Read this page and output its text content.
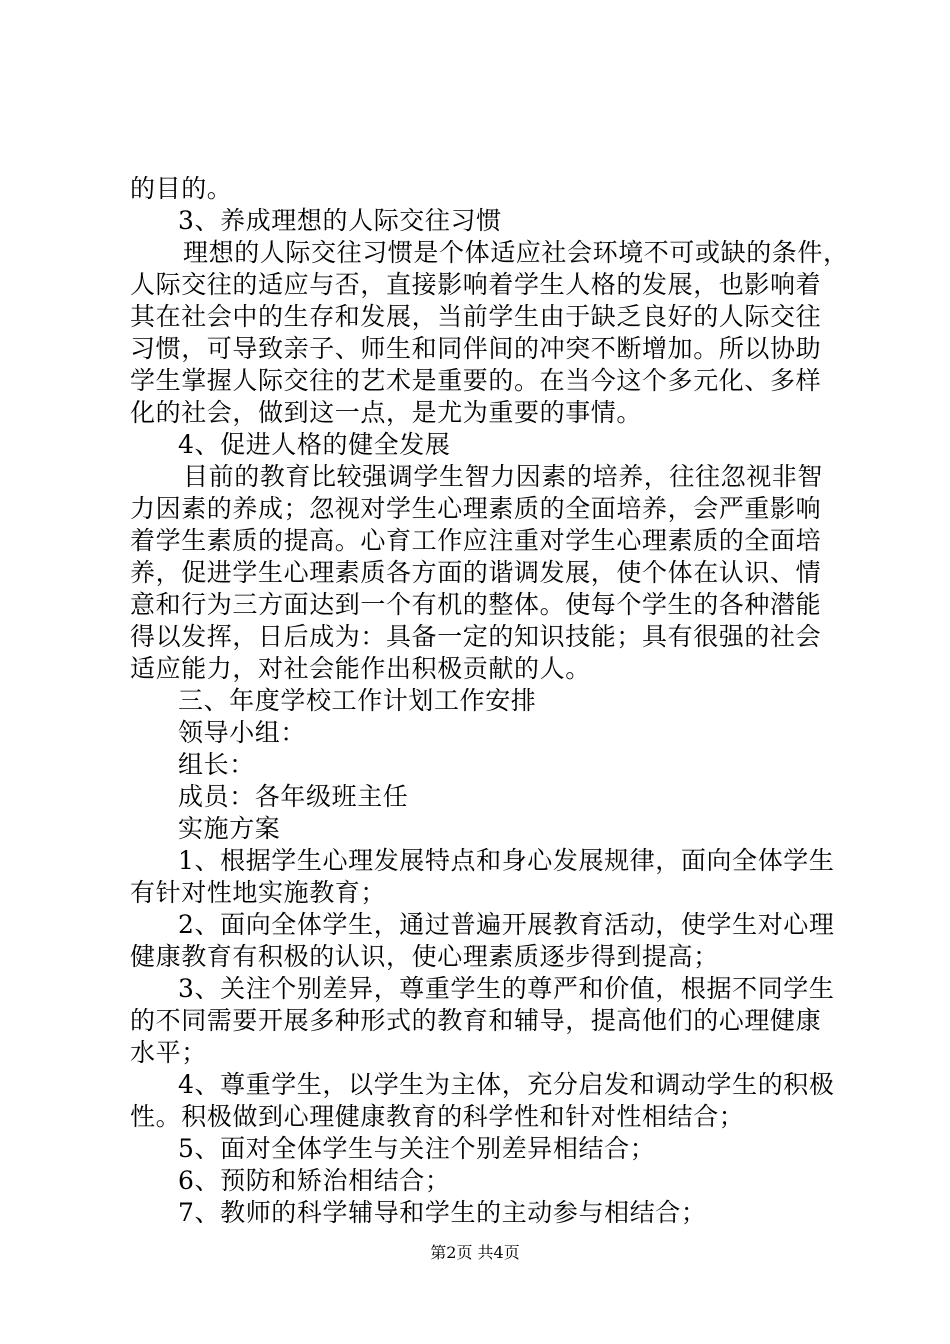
的目的。
3、养成理想的人际交往习惯
理想的人际交往习惯是个体适应社会环境不可或缺的条件，
人际交往的适应与否，直接影响着学生人格的发展，也影响着
其在社会中的生存和发展，当前学生由于缺乏良好的人际交往
习惯，可导致亲子、师生和同伴间的冲突不断增加。所以协助
学生掌握人际交往的艺术是重要的。在当今这个多元化、多样
化的社会，做到这一点，是尤为重要的事情。
4、促进人格的健全发展
目前的教育比较强调学生智力因素的培养，往往忽视非智
力因素的养成；忽视对学生心理素质的全面培养，会严重影响
着学生素质的提高。心育工作应注重对学生心理素质的全面培
养，促进学生心理素质各方面的谐调发展，使个体在认识、情
意和行为三方面达到一个有机的整体。使每个学生的各种潜能
得以发挥，日后成为：具备一定的知识技能；具有很强的社会
适应能力，对社会能作出积极贡献的人。
三、年度学校工作计划工作安排
领导小组：
组长：
成员：各年级班主任
实施方案
1、根据学生心理发展特点和身心发展规律，面向全体学生
有针对性地实施教育；
2、面向全体学生，通过普遍开展教育活动，使学生对心理
健康教育有积极的认识，使心理素质逐步得到提高；
3、关注个别差异，尊重学生的尊严和价值，根据不同学生
的不同需要开展多种形式的教育和辅导，提高他们的心理健康
水平；
4、尊重学生，以学生为主体，充分启发和调动学生的积极
性。积极做到心理健康教育的科学性和针对性相结合；
5、面对全体学生与关注个别差异相结合；
6、预防和矫治相结合；
7、教师的科学辅导和学生的主动参与相结合；
第2页 共4页
